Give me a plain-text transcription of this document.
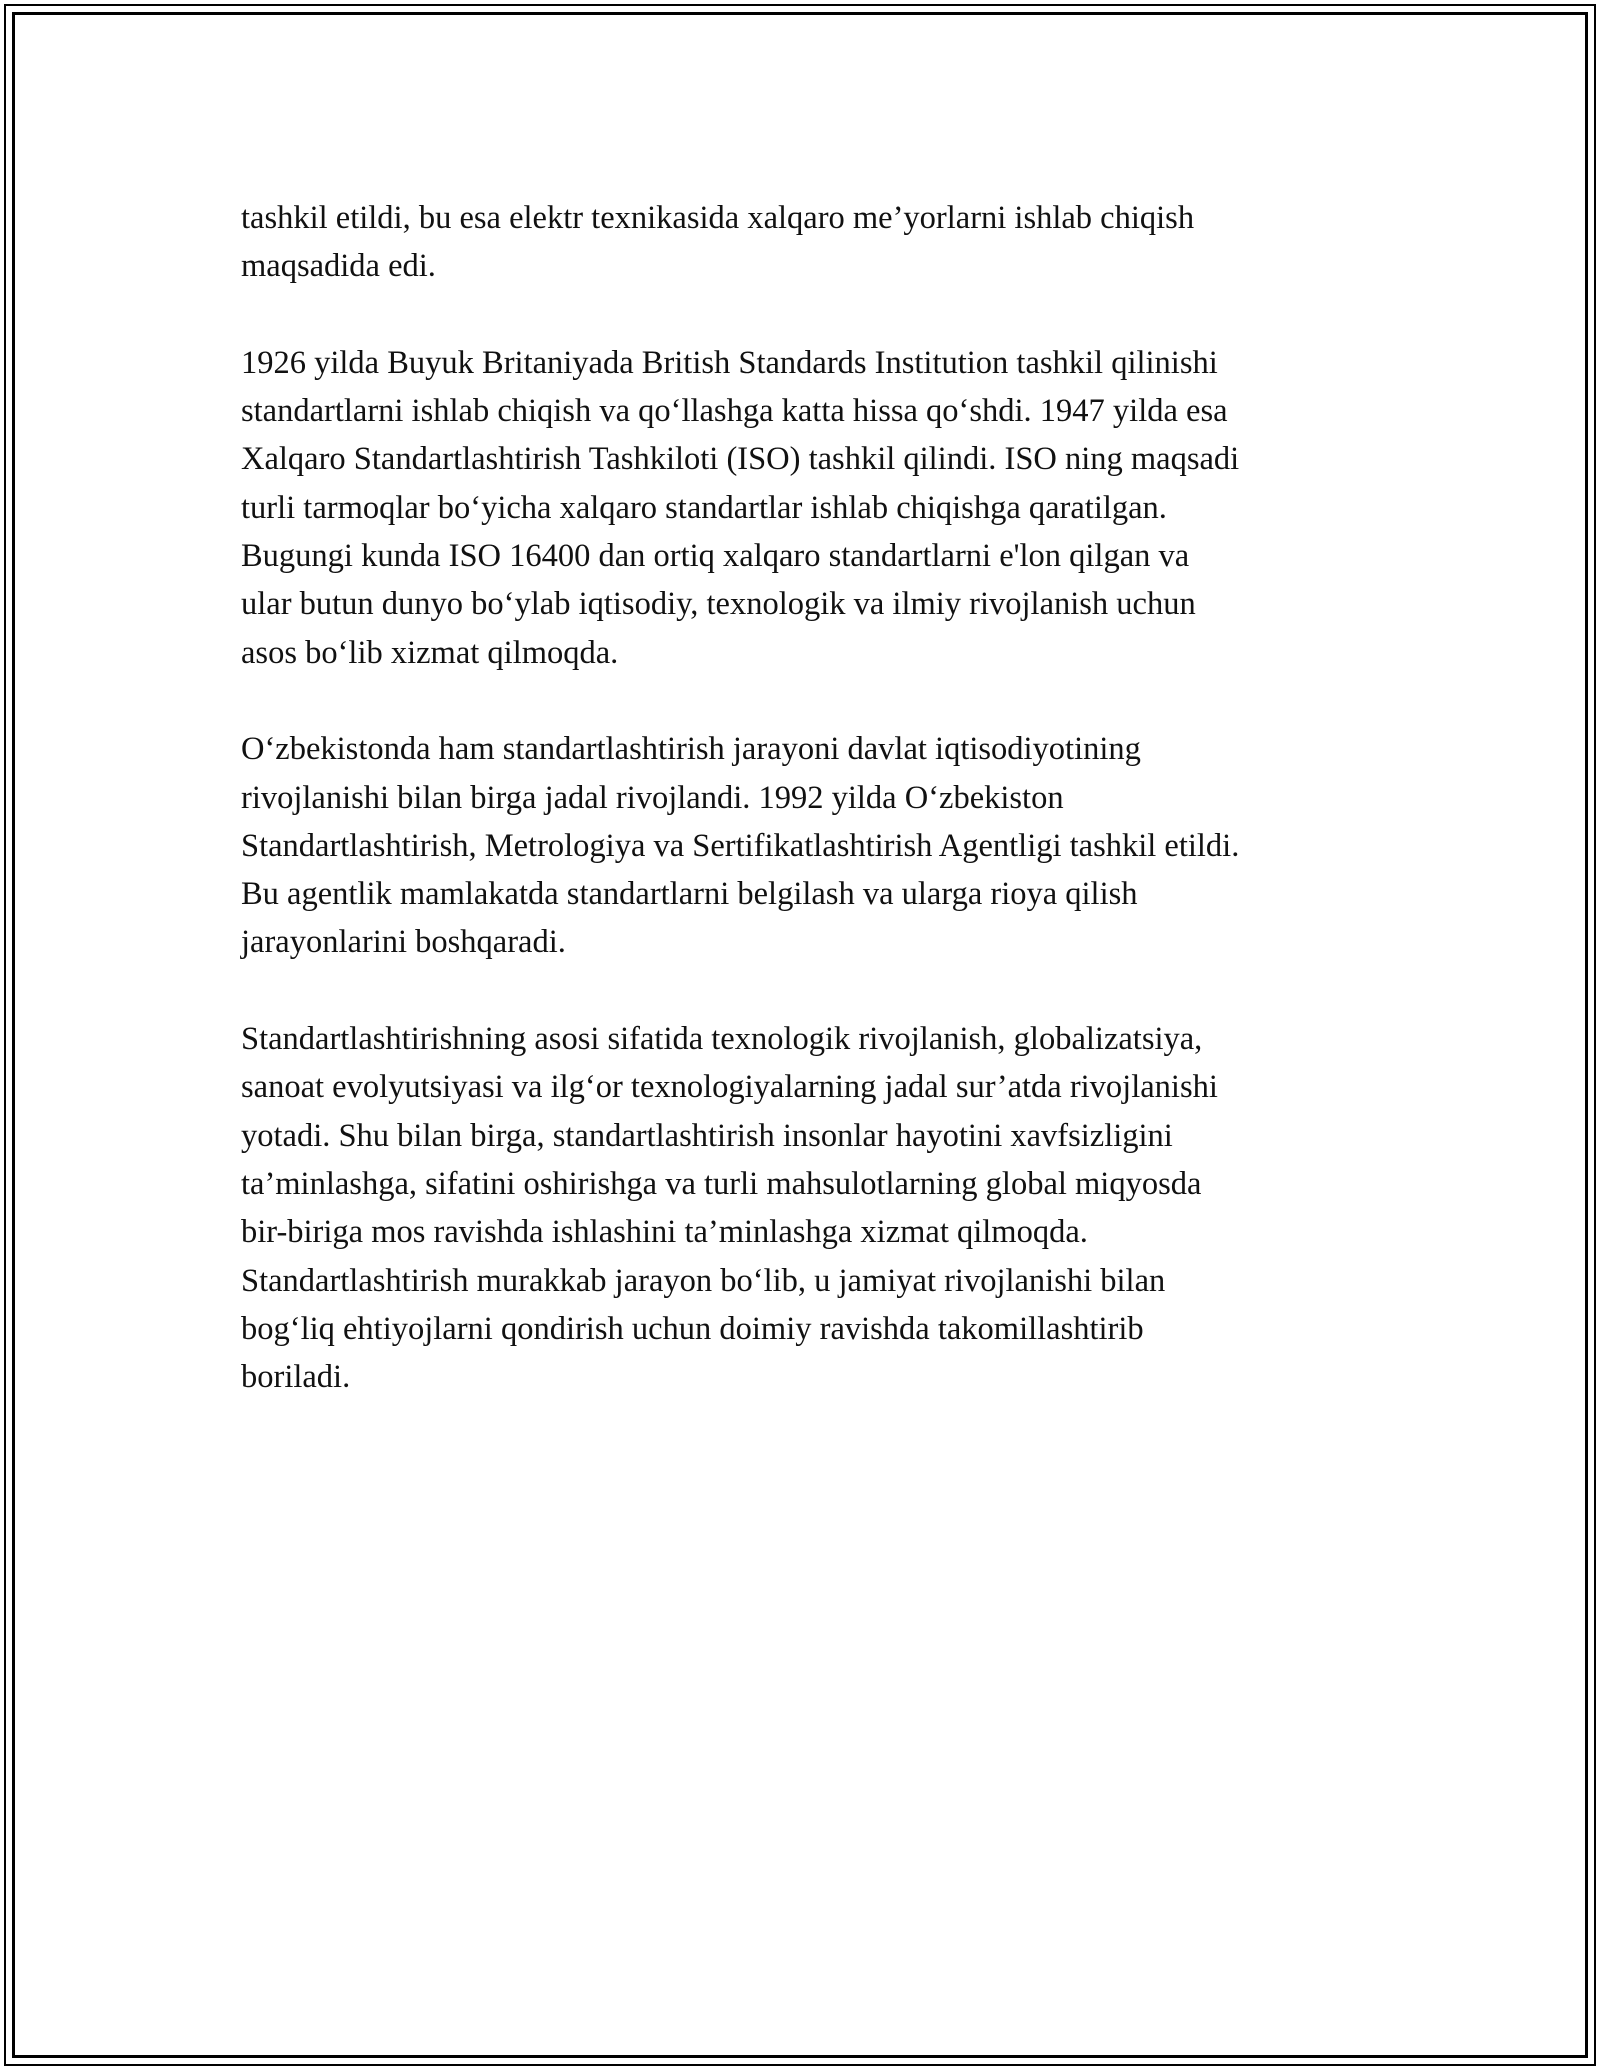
tashkil etildi, bu esa elektr texnikasida xalqaro me’yorlarni ishlab chiqish
maqsadida edi.

1926 yilda Buyuk Britaniyada British Standards Institution tashkil qilinishi
standartlarni ishlab chiqish va qo‘llashga katta hissa qo‘shdi. 1947 yilda esa
Xalqaro Standartlashtirish Tashkiloti (ISO) tashkil qilindi. ISO ning maqsadi
turli tarmoqlar bo‘yicha xalqaro standartlar ishlab chiqishga qaratilgan.
Bugungi kunda ISO 16400 dan ortiq xalqaro standartlarni e'lon qilgan va
ular butun dunyo bo‘ylab iqtisodiy, texnologik va ilmiy rivojlanish uchun
asos bo‘lib xizmat qilmoqda.

O‘zbekistonda ham standartlashtirish jarayoni davlat iqtisodiyotining
rivojlanishi bilan birga jadal rivojlandi. 1992 yilda O‘zbekiston
Standartlashtirish, Metrologiya va Sertifikatlashtirish Agentligi tashkil etildi.
Bu agentlik mamlakatda standartlarni belgilash va ularga rioya qilish
jarayonlarini boshqaradi.

Standartlashtirishning asosi sifatida texnologik rivojlanish, globalizatsiya,
sanoat evolyutsiyasi va ilg‘or texnologiyalarning jadal sur’atda rivojlanishi
yotadi. Shu bilan birga, standartlashtirish insonlar hayotini xavfsizligini
ta’minlashga, sifatini oshirishga va turli mahsulotlarning global miqyosda
bir-biriga mos ravishda ishlashini ta’minlashga xizmat qilmoqda.
Standartlashtirish murakkab jarayon bo‘lib, u jamiyat rivojlanishi bilan
bog‘liq ehtiyojlarni qondirish uchun doimiy ravishda takomillashtirib
boriladi.
